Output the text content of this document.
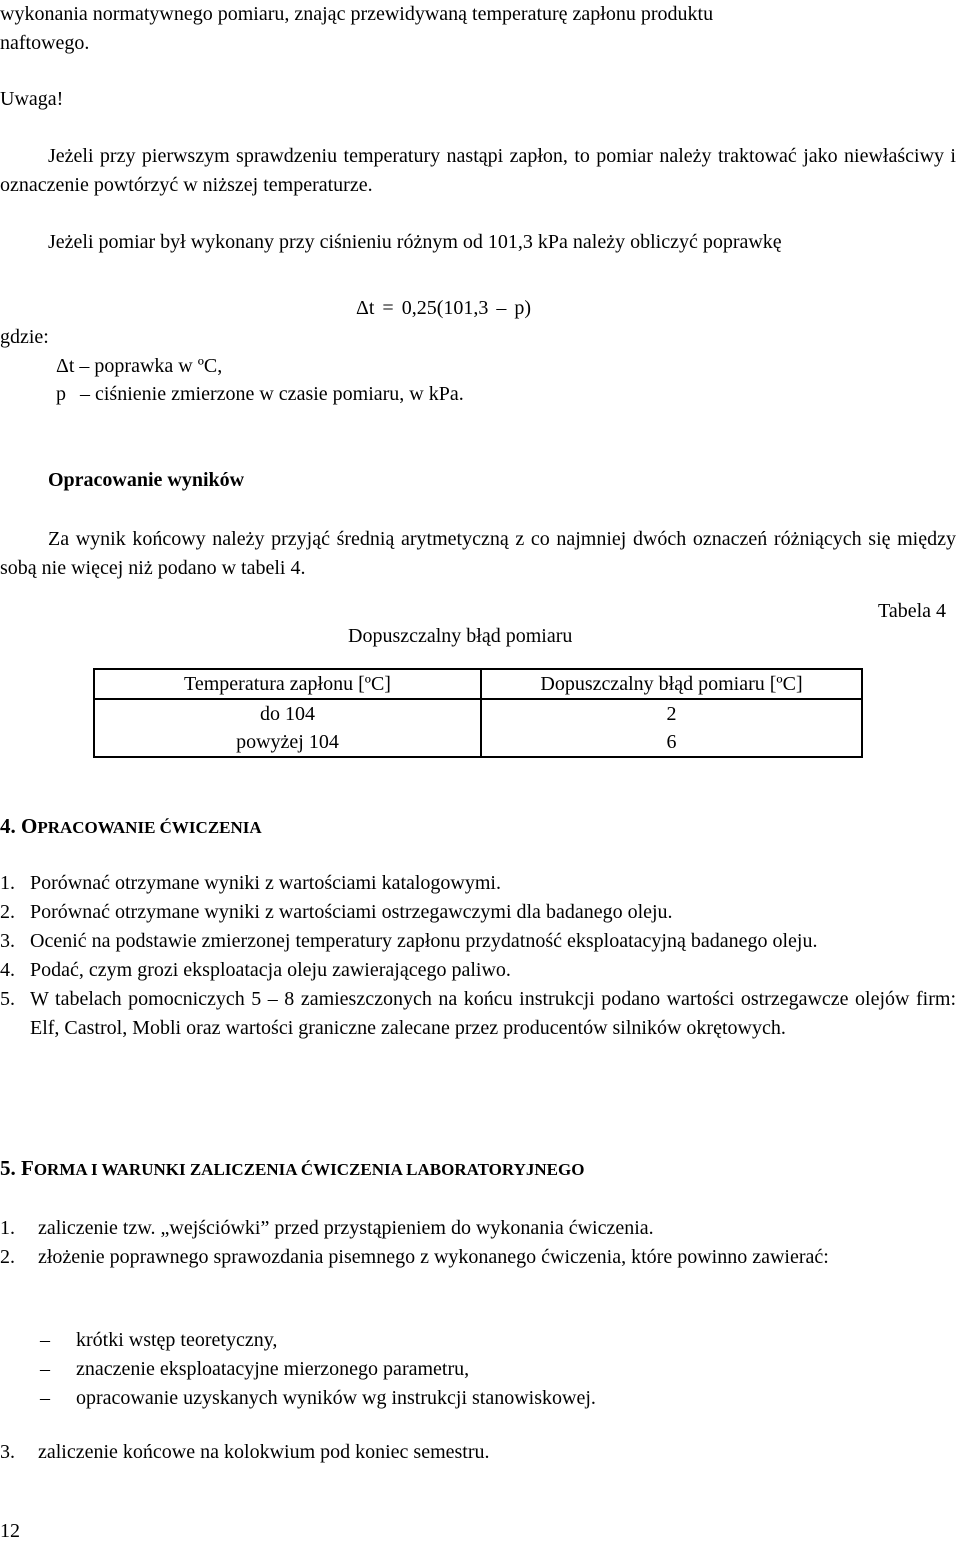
wykonania normatywnego pomiaru, znając przewidywaną temperaturę zapłonu produktu
naftowego.
Uwaga!
Jeżeli przy pierwszym sprawdzeniu temperatury nastąpi zapłon, to pomiar należy traktować jako niewłaściwy i oznaczenie powtórzyć w niższej temperaturze.
Jeżeli pomiar był wykonany przy ciśnieniu różnym od 101,3 kPa należy obliczyć poprawkę
Δt = 0,25(101,3 – p)
gdzie:
Δt – poprawka w ºC,
p – ciśnienie zmierzone w czasie pomiaru, w kPa.
Opracowanie wyników
Za wynik końcowy należy przyjąć średnią arytmetyczną z co najmniej dwóch oznaczeń różniących się między sobą nie więcej niż podano w tabeli 4.
Tabela 4
Dopuszczalny błąd pomiaru
Temperatura zapłonu [ºC]	Dopuszczalny błąd pomiaru [ºC]
do 104	2
powyżej 104	6
4. OPRACOWANIE ĆWICZENIA
1. Porównać otrzymane wyniki z wartościami katalogowymi.
2. Porównać otrzymane wyniki z wartościami ostrzegawczymi dla badanego oleju.
3. Ocenić na podstawie zmierzonej temperatury zapłonu przydatność eksploatacyjną badanego oleju.
4. Podać, czym grozi eksploatacja oleju zawierającego paliwo.
5. W tabelach pomocniczych 5 – 8 zamieszczonych na końcu instrukcji podano wartości ostrzegawcze olejów firm: Elf, Castrol, Mobli oraz wartości graniczne zalecane przez producentów silników okrętowych.
5. FORMA I WARUNKI ZALICZENIA ĆWICZENIA LABORATORYJNEGO
1. zaliczenie tzw. „wejściówki” przed przystąpieniem do wykonania ćwiczenia.
2. złożenie poprawnego sprawozdania pisemnego z wykonanego ćwiczenia, które powinno zawierać:
– krótki wstęp teoretyczny,
– znaczenie eksploatacyjne mierzonego parametru,
– opracowanie uzyskanych wyników wg instrukcji stanowiskowej.
3. zaliczenie końcowe na kolokwium pod koniec semestru.
12
